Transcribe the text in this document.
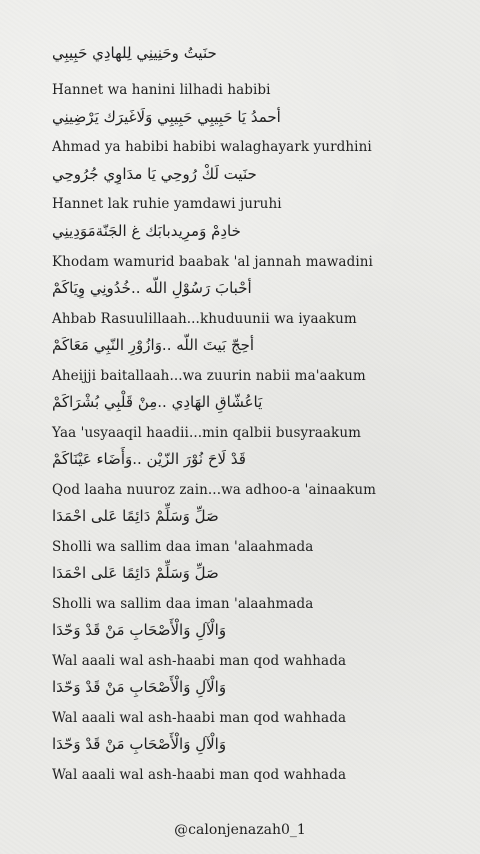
حنَيتُ وحَنِينِي لِلهادِي حَبِيبِي
Hannet wa hanini lilhadi habibi
أحمدُ يَا حَبِيبِي حَبِيبِي وَلَاغَيرَك يَرْضِينِي
Ahmad ya habibi habibi walaghayark yurdhini
حنَيت لَكْ رُوحِي يَا مدَاوِي جُرُوحِي
Hannet lak ruhie yamdawi juruhi
خادِمْ وَمرِيدبابَك غ الجَنّةمَوَدِينِي
Khodam wamurid baabak 'al jannah mawadini
أحْبابَ رَسُوْلِ اللّه ..خُدُونِي وِيَاكَمْ
Ahbab Rasuulillaah...khuduunii wa iyaakum
أحِجّ بَيتَ اللّه ..وَازُوْرِ النّبِي مَعَاكَمْ
Aheijji baitallaah...wa zuurin nabii ma'aakum
يَاعُشّاقِ الهَادِي ..مِنْ قَلْبِي بُشْرَاكَمْ
Yaa 'usyaaqil haadii...min qalbii busyraakum
قَدْ لَاحَ نُوْرَ الزّيْن ..وَأَضَاء عَيْنَاكَمْ
Qod laaha nuuroz zain...wa adhoo-a 'ainaakum
صَلِّ وَسَلِّمْ دَائِمًا عَلى احْمَدَا
Sholli wa sallim daa iman 'alaahmada
صَلِّ وَسَلِّمْ دَائِمًا عَلى احْمَدَا
Sholli wa sallim daa iman 'alaahmada
وَالْآلِ وَالْأَصْحَابِ مَنْ قَدْ وَحّدَا
Wal aaali wal ash-haabi man qod wahhada
وَالْآلِ وَالْأَصْحَابِ مَنْ قَدْ وَحّدَا
Wal aaali wal ash-haabi man qod wahhada
وَالْآلِ وَالْأَصْحَابِ مَنْ قَدْ وَحّدَا
Wal aaali wal ash-haabi man qod wahhada
@calonjenazah0_1
